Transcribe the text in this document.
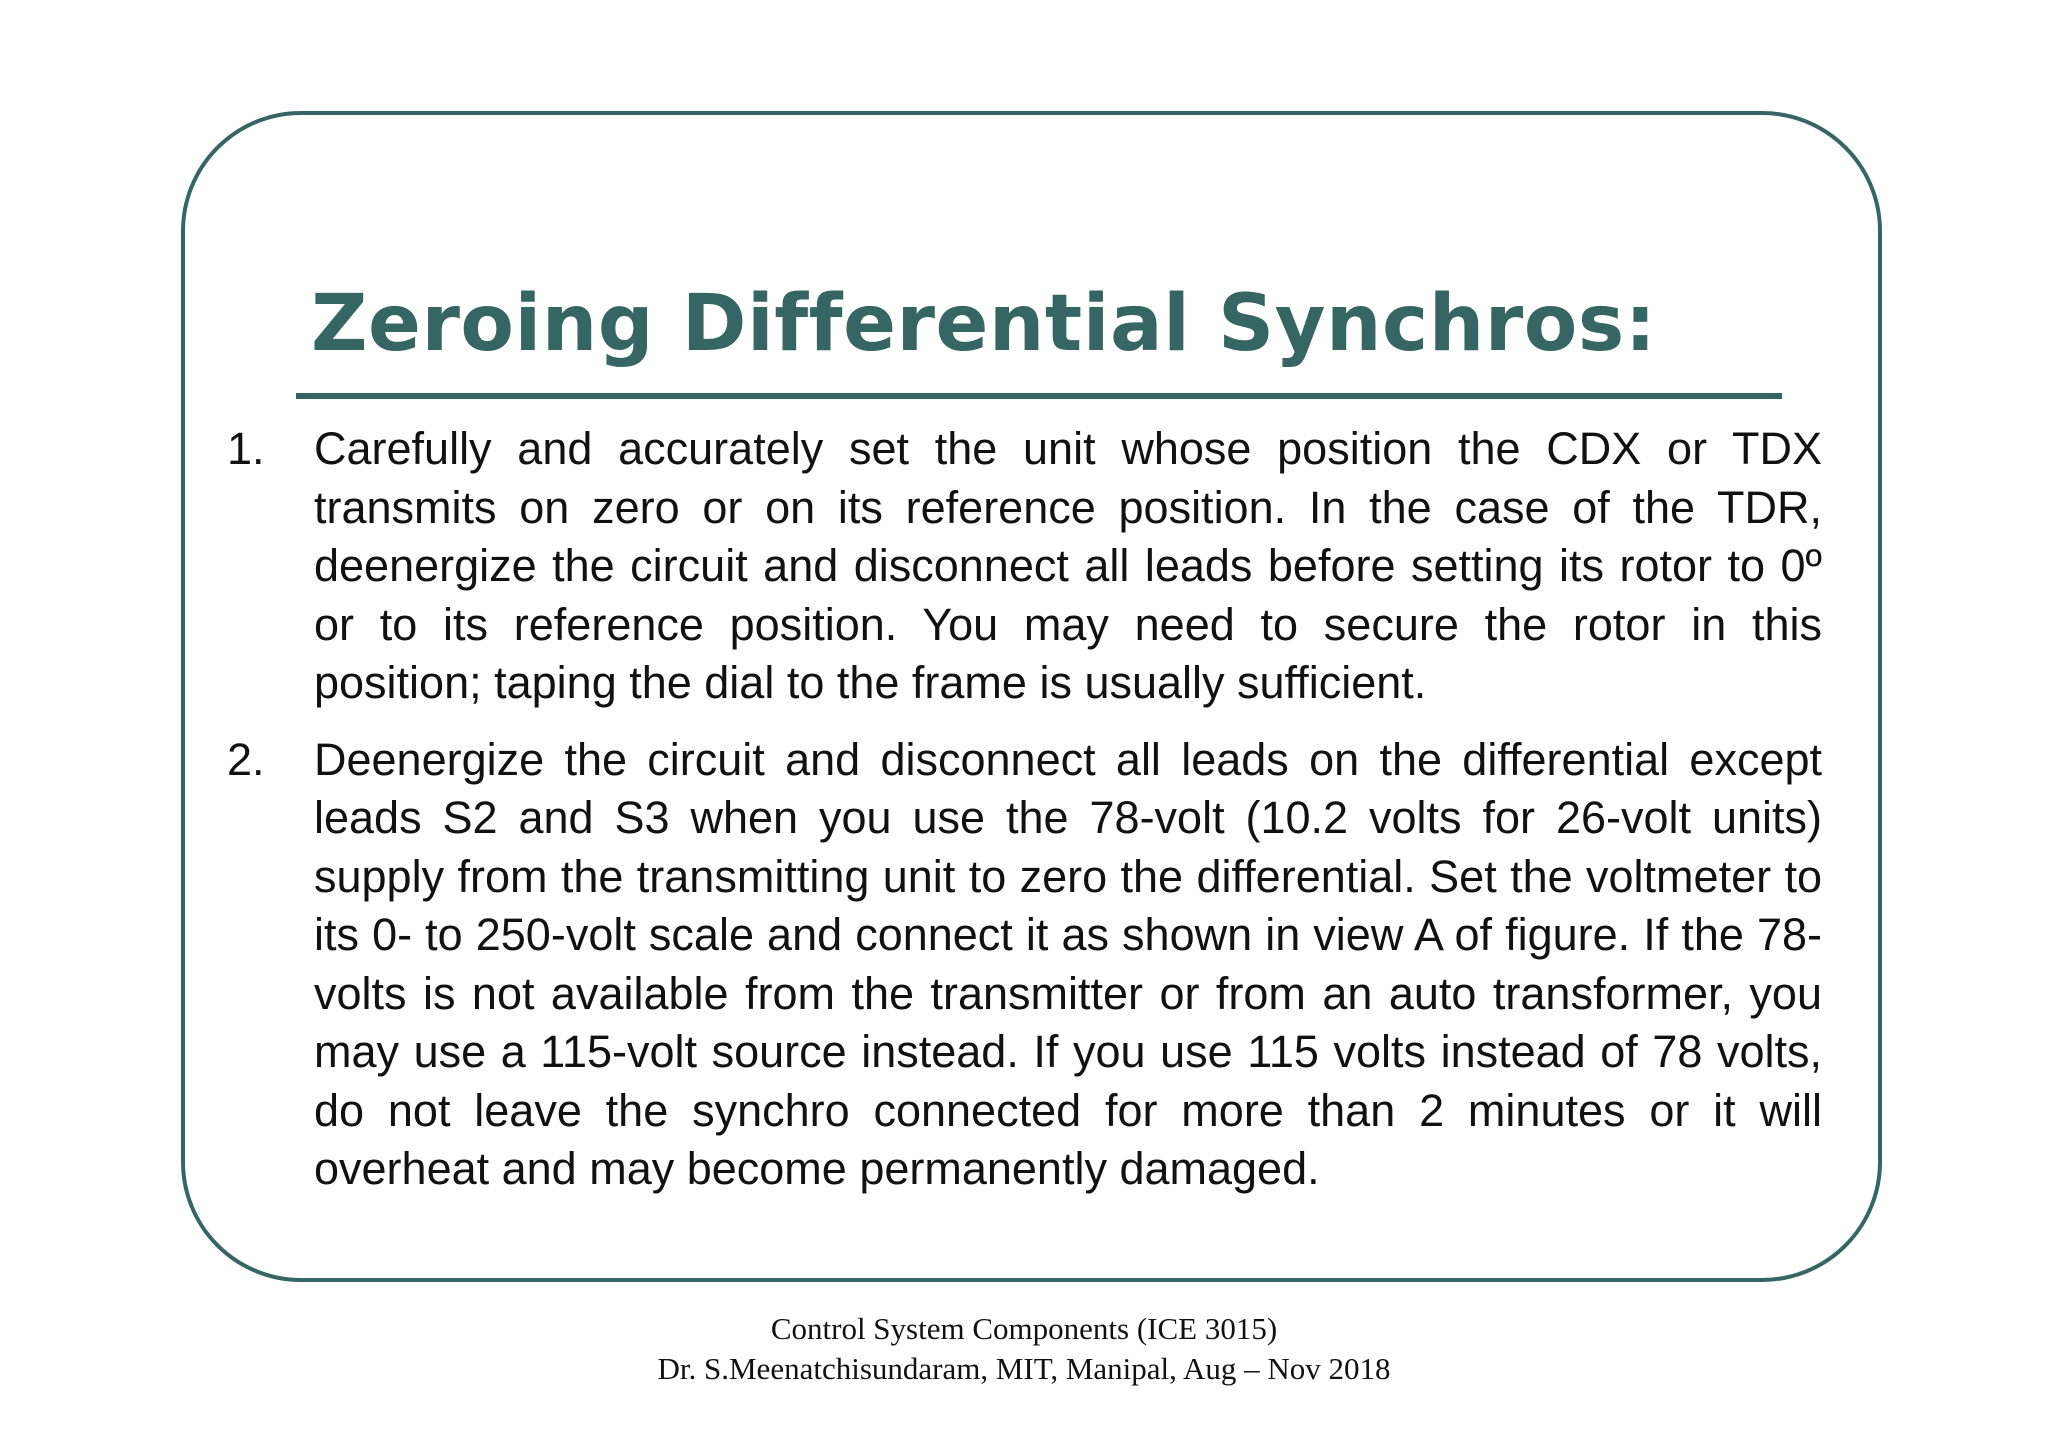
Zeroing Differential Synchros:
1. Carefully and accurately set the unit whose position the CDX or TDX transmits on zero or on its reference position. In the case of the TDR, deenergize the circuit and disconnect all leads before setting its rotor to 0º or to its reference position. You may need to secure the rotor in this position; taping the dial to the frame is usually sufficient.

2. Deenergize the circuit and disconnect all leads on the differential except leads S2 and S3 when you use the 78-volt (10.2 volts for 26-volt units) supply from the transmitting unit to zero the differential. Set the voltmeter to its 0- to 250-volt scale and connect it as shown in view A of figure. If the 78-volts is not available from the transmitter or from an auto transformer, you may use a 115-volt source instead. If you use 115 volts instead of 78 volts, do not leave the synchro connected for more than 2 minutes or it will overheat and may become permanently damaged.

Control System Components (ICE 3015)
Dr. S.Meenatchisundaram, MIT, Manipal, Aug – Nov 2018
